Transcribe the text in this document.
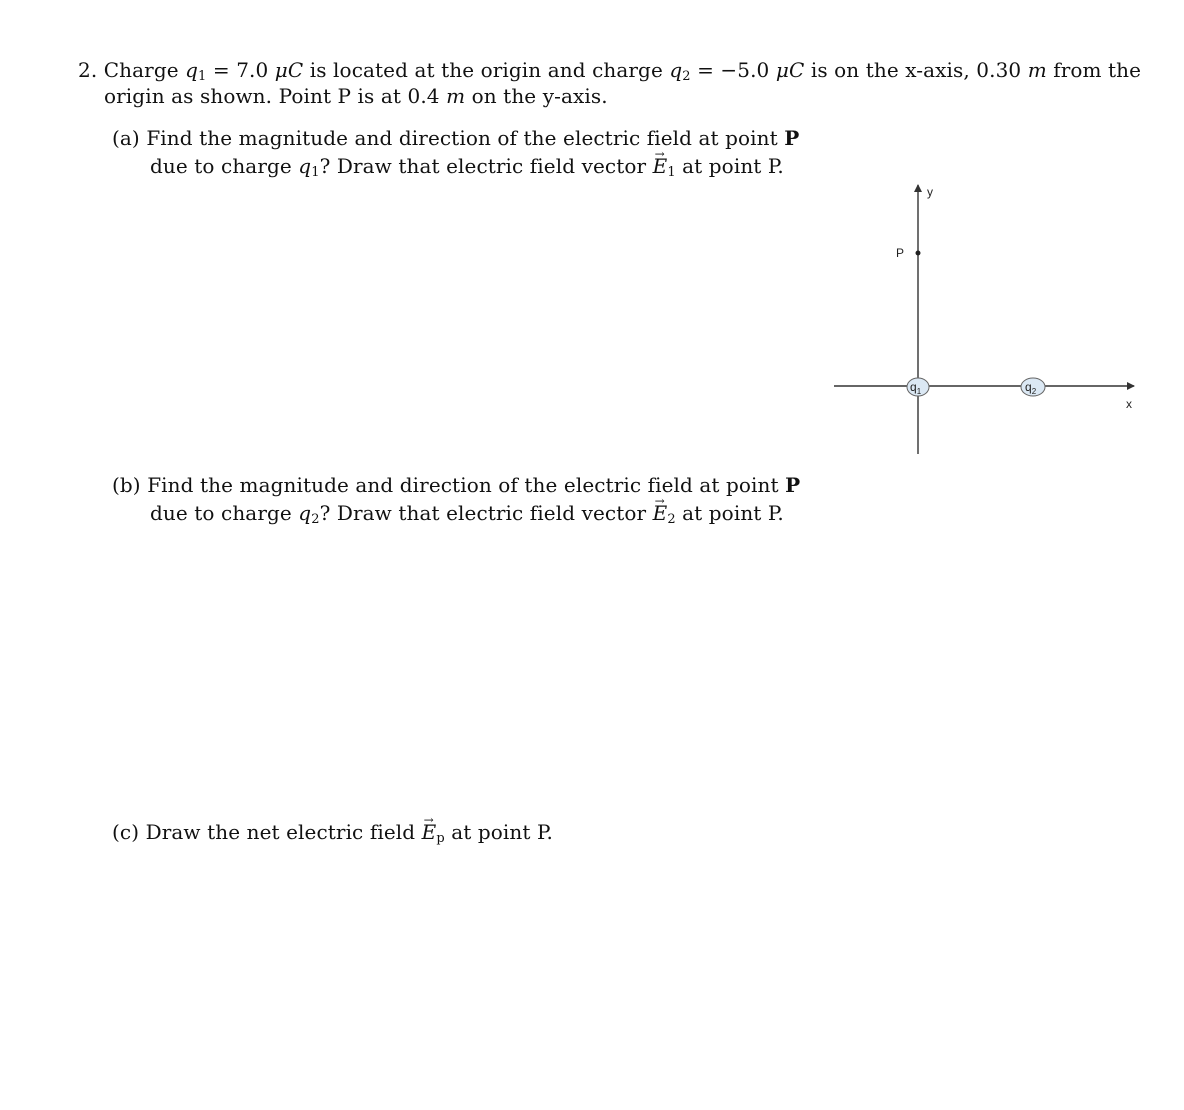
2. Charge $q_1 = 7.0$ μC is located at the origin and charge $q_2 = -5.0$ μC is on the x-axis, 0.30 m from the
origin as shown. Point P is at 0.4 m on the y-axis.
(a) Find the magnitude and direction of the electric field at point P
due to charge $q_1$? Draw that electric field vector → $E_1$ at point P.
(b) Find the magnitude and direction of the electric field at point P
due to charge $q_2$? Draw that electric field vector → $E_2$ at point P.
(c) Draw the net electric field → $E_p$ at point P.
y
x
P
$q_1$	$q_2$
